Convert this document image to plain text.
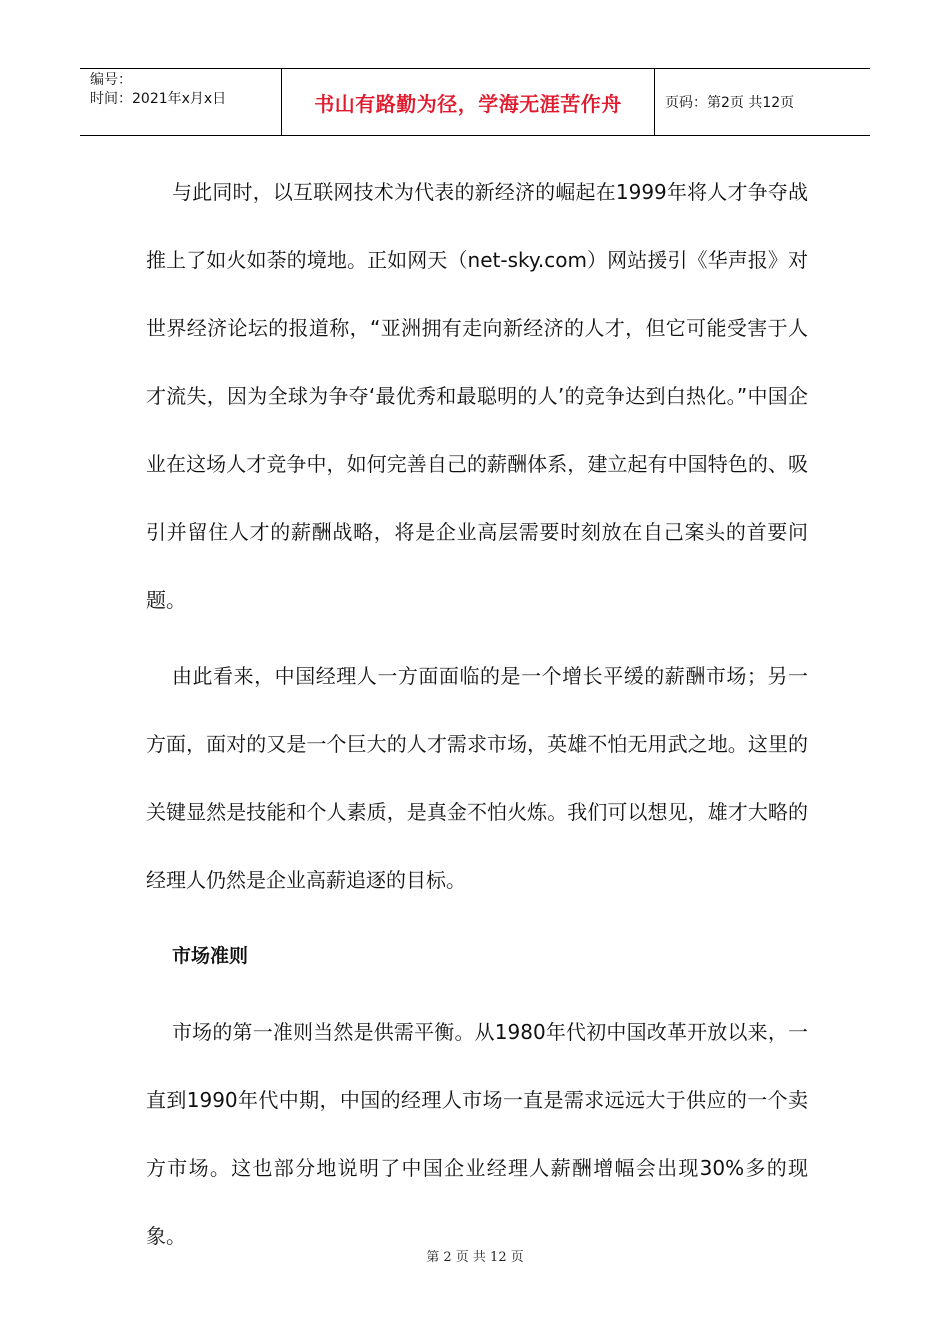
编号：
时间：2021年x月x日	书山有路勤为径，学海无涯苦作舟	页码：第2页 共12页

与此同时，以互联网技术为代表的新经济的崛起在1999年将人才争夺战推上了如火如荼的境地。正如网天（net-sky.com）网站援引《华声报》对世界经济论坛的报道称，“亚洲拥有走向新经济的人才，但它可能受害于人才流失，因为全球为争夺‘最优秀和最聪明的人’的竞争达到白热化。”中国企业在这场人才竞争中，如何完善自己的薪酬体系，建立起有中国特色的、吸引并留住人才的薪酬战略，将是企业高层需要时刻放在自己案头的首要问题。

由此看来，中国经理人一方面面临的是一个增长平缓的薪酬市场；另一方面，面对的又是一个巨大的人才需求市场，英雄不怕无用武之地。这里的关键显然是技能和个人素质，是真金不怕火炼。我们可以想见，雄才大略的经理人仍然是企业高薪追逐的目标。

市场准则

市场的第一准则当然是供需平衡。从1980年代初中国改革开放以来，一直到1990年代中期，中国的经理人市场一直是需求远远大于供应的一个卖方市场。这也部分地说明了中国企业经理人薪酬增幅会出现30%多的现象。

第 2 页 共 12 页
